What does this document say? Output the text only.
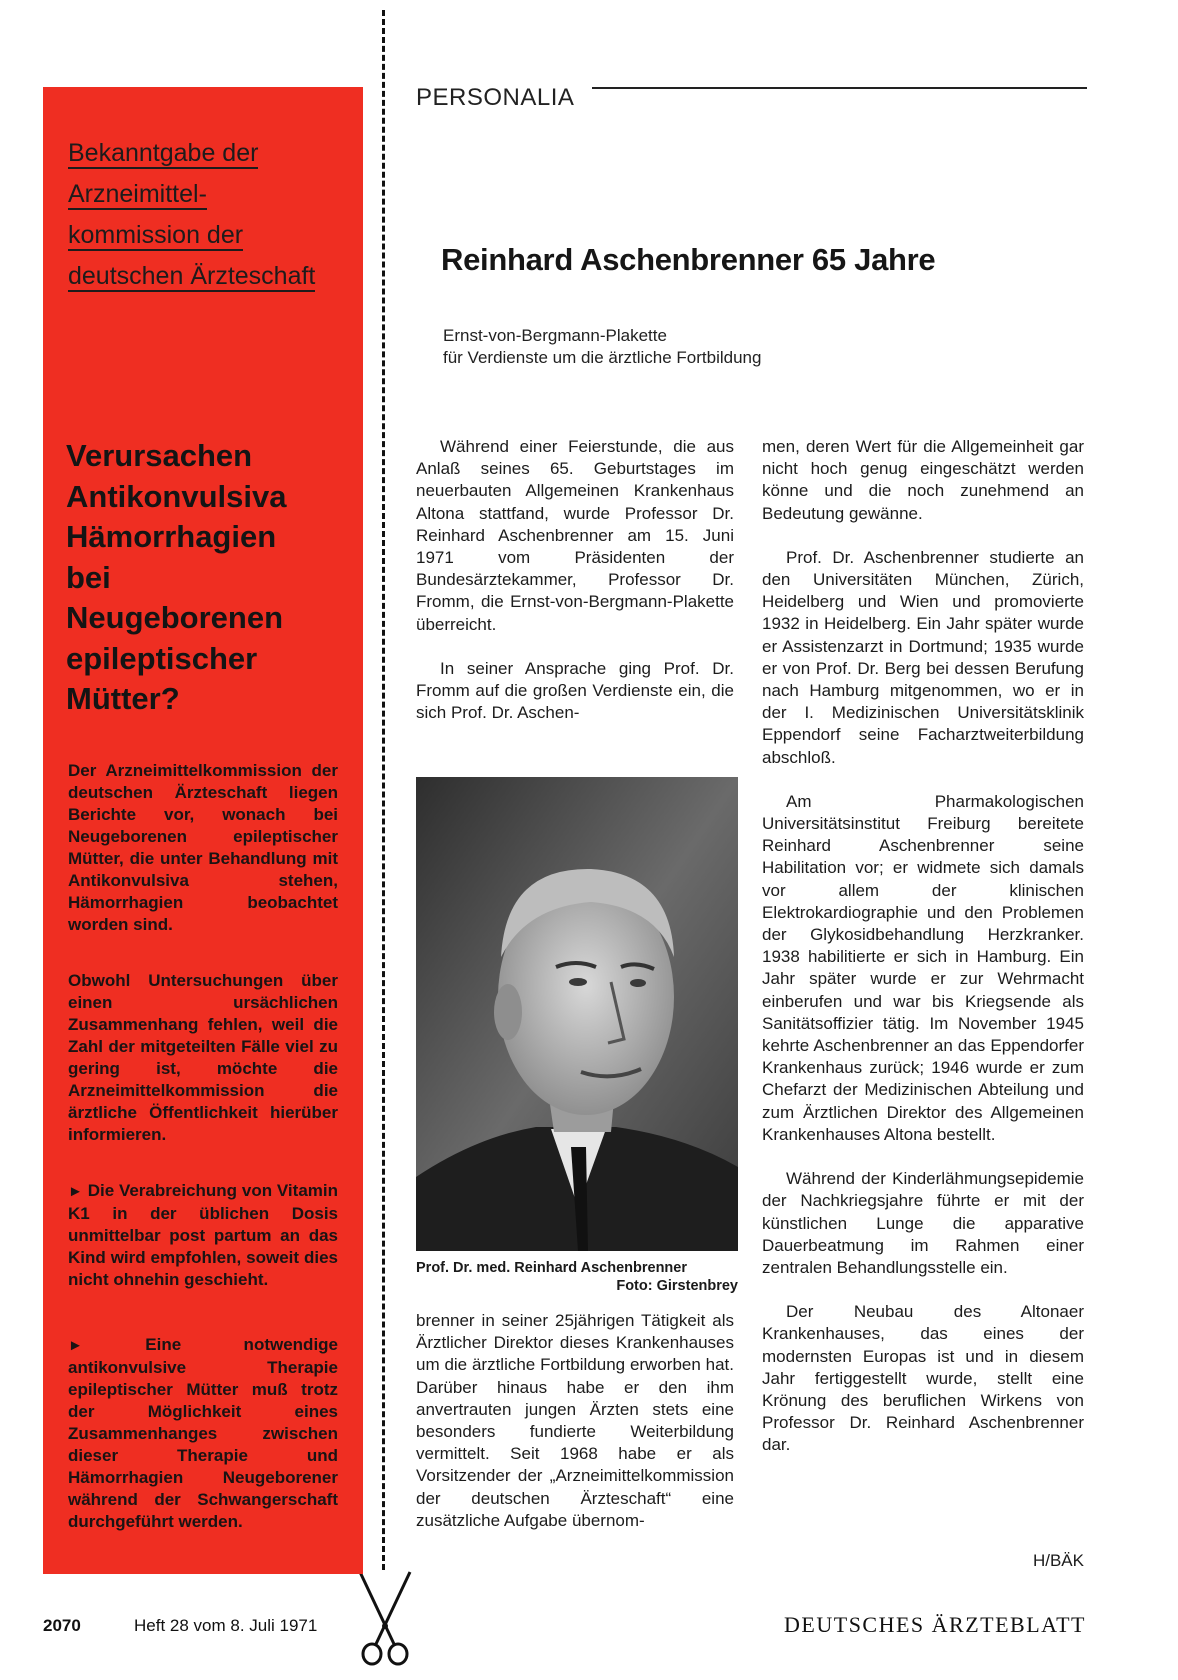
Bekanntgabe der
Arzneimittel-
kommission der
deutschen Ärzteschaft
Verursachen
Antikonvulsiva
Hämorrhagien
bei
Neugeborenen
epileptischer
Mütter?
Der Arzneimittelkommission der deutschen Ärzteschaft liegen Berichte vor, wonach bei Neugeborenen epileptischer Mütter, die unter Behandlung mit Antikonvulsiva stehen, Hämorrhagien beobachtet worden sind.
Obwohl Untersuchungen über einen ursächlichen Zusammenhang fehlen, weil die Zahl der mitgeteilten Fälle viel zu gering ist, möchte die Arzneimittelkommission die ärztliche Öffentlichkeit hierüber informieren.
► Die Verabreichung von Vitamin K1 in der üblichen Dosis unmittelbar post partum an das Kind wird empfohlen, soweit dies nicht ohnehin geschieht.
►	Eine notwendige antikonvulsive Therapie epileptischer Mütter muß trotz der Möglichkeit eines Zusammenhanges zwischen dieser Therapie und Hämorrhagien Neugeborener während der Schwangerschaft durchgeführt werden.
PERSONALIA
Reinhard Aschenbrenner 65 Jahre
Ernst-von-Bergmann-Plakette
für Verdienste um die ärztliche Fortbildung

Während einer Feierstunde, die aus Anlaß seines 65. Geburtstages im neuerbauten Allgemeinen Krankenhaus Altona stattfand, wurde Professor Dr. Reinhard Aschenbrenner am 15. Juni 1971 vom Präsidenten der Bundesärztekammer, Professor Dr. Fromm, die Ernst-von-Bergmann-Plakette überreicht.

In seiner Ansprache ging Prof. Dr. Fromm auf die großen Verdienste ein, die sich Prof. Dr. Aschen-

Prof. Dr. med. Reinhard Aschenbrenner
Foto: Girstenbrey

brenner in seiner 25jährigen Tätigkeit als Ärztlicher Direktor dieses Krankenhauses um die ärztliche Fortbildung erworben hat. Darüber hinaus habe er den ihm anvertrauten jungen Ärzten stets eine besonders fundierte Weiterbildung vermittelt. Seit 1968 habe er als Vorsitzender der „Arzneimittelkommission der deutschen Ärzteschaft“ eine zusätzliche Aufgabe übernom-

men, deren Wert für die Allgemeinheit gar nicht hoch genug eingeschätzt werden könne und die noch zunehmend an Bedeutung gewänne.

Prof. Dr. Aschenbrenner studierte an den Universitäten München, Zürich, Heidelberg und Wien und promovierte 1932 in Heidelberg. Ein Jahr später wurde er Assistenzarzt in Dortmund; 1935 wurde er von Prof. Dr. Berg bei dessen Berufung nach Hamburg mitgenommen, wo er in der I. Medizinischen Universitätsklinik Eppendorf seine Facharztweiterbildung abschloß.

Am Pharmakologischen Universitätsinstitut Freiburg bereitete Reinhard Aschenbrenner seine Habilitation vor; er widmete sich damals vor allem der klinischen Elektrokardiographie und den Problemen der Glykosidbehandlung Herzkranker. 1938 habilitierte er sich in Hamburg. Ein Jahr später wurde er zur Wehrmacht einberufen und war bis Kriegsende als Sanitätsoffizier tätig. Im November 1945 kehrte Aschenbrenner an das Eppendorfer Krankenhaus zurück; 1946 wurde er zum Chefarzt der Medizinischen Abteilung und zum Ärztlichen Direktor des Allgemeinen Krankenhauses Altona bestellt.

Während der Kinderlähmungsepidemie der Nachkriegsjahre führte er mit der künstlichen Lunge die apparative Dauerbeatmung im Rahmen einer zentralen Behandlungsstelle ein.

Der Neubau des Altonaer Krankenhauses, das eines der modernsten Europas ist und in diesem Jahr fertiggestellt wurde, stellt eine Krönung des beruflichen Wirkens von Professor Dr. Reinhard Aschenbrenner dar.

H/BÄK
2070	Heft 28 vom 8. Juli 1971	DEUTSCHES ÄRZTEBLATT
